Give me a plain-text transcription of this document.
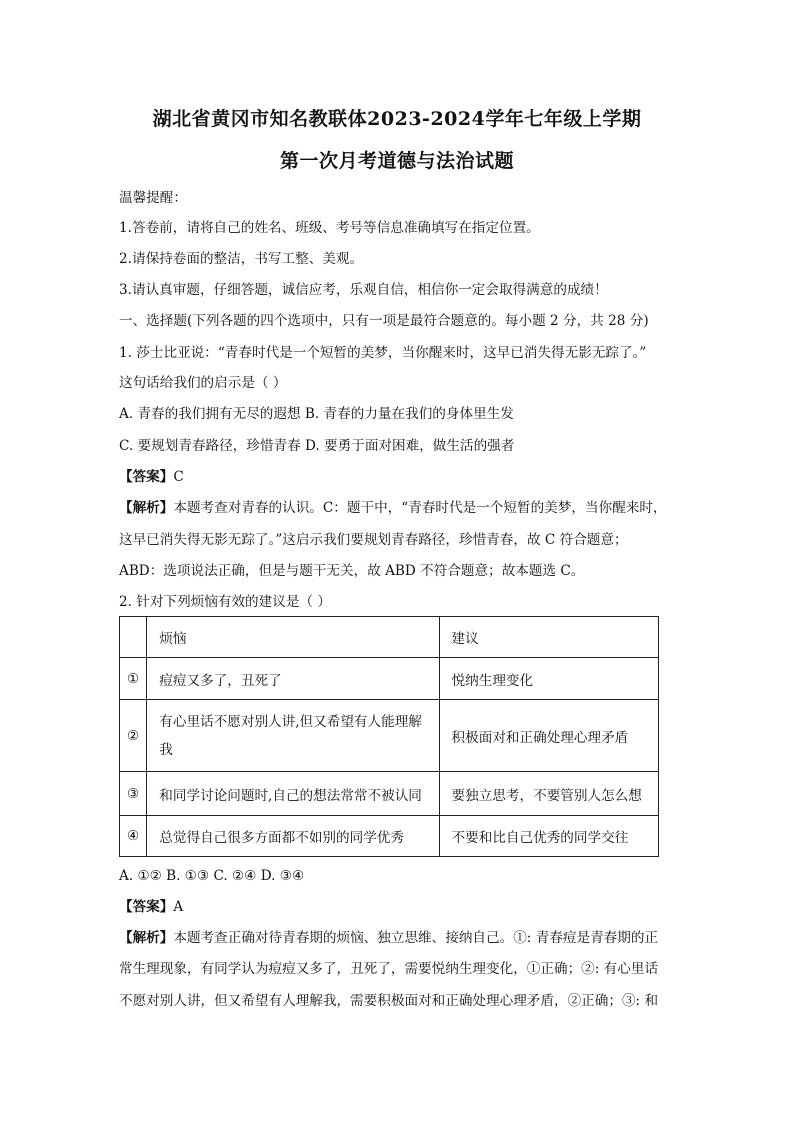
湖北省黄冈市知名教联体2023-2024学年七年级上学期
第一次月考道德与法治试题
温馨提醒：
1.答卷前，请将自己的姓名、班级、考号等信息准确填写在指定位置。
2.请保持卷面的整洁，书写工整、美观。
3.请认真审题，仔细答题，诚信应考，乐观自信，相信你一定会取得满意的成绩！
一、选择题(下列各题的四个选项中，只有一项是最符合题意的。每小题 2 分，共 28 分)
1. 莎士比亚说：“青春时代是一个短暂的美梦，当你醒来时，这早已消失得无影无踪了。”
这句话给我们的启示是（ ）
A. 青春的我们拥有无尽的遐想 B. 青春的力量在我们的身体里生发
C. 要规划青春路径，珍惜青春 D. 要勇于面对困难，做生活的强者
【答案】C
【解析】本题考查对青春的认识。C：题干中，“青春时代是一个短暂的美梦，当你醒来时，
这早已消失得无影无踪了。”这启示我们要规划青春路径，珍惜青春，故 C 符合题意；
ABD：选项说法正确，但是与题干无关，故 ABD 不符合题意；故本题选 C。
2. 针对下列烦恼有效的建议是（ ）
	烦恼	建议
①	痘痘又多了，丑死了	悦纳生理变化
②	有心里话不愿对别人讲,但又希望有人能理解我	积极面对和正确处理心理矛盾
③	和同学讨论问题时,自己的想法常常不被认同	要独立思考，不要管别人怎么想
④	总觉得自己很多方面都不如别的同学优秀	不要和比自己优秀的同学交往
A. ①② B. ①③ C. ②④ D. ③④
【答案】A
【解析】本题考查正确对待青春期的烦恼、独立思维、接纳自己。①: 青春痘是青春期的正
常生理现象，有同学认为痘痘又多了，丑死了，需要悦纳生理变化，①正确；②: 有心里话
不愿对别人讲，但又希望有人理解我，需要积极面对和正确处理心理矛盾，②正确；③: 和
